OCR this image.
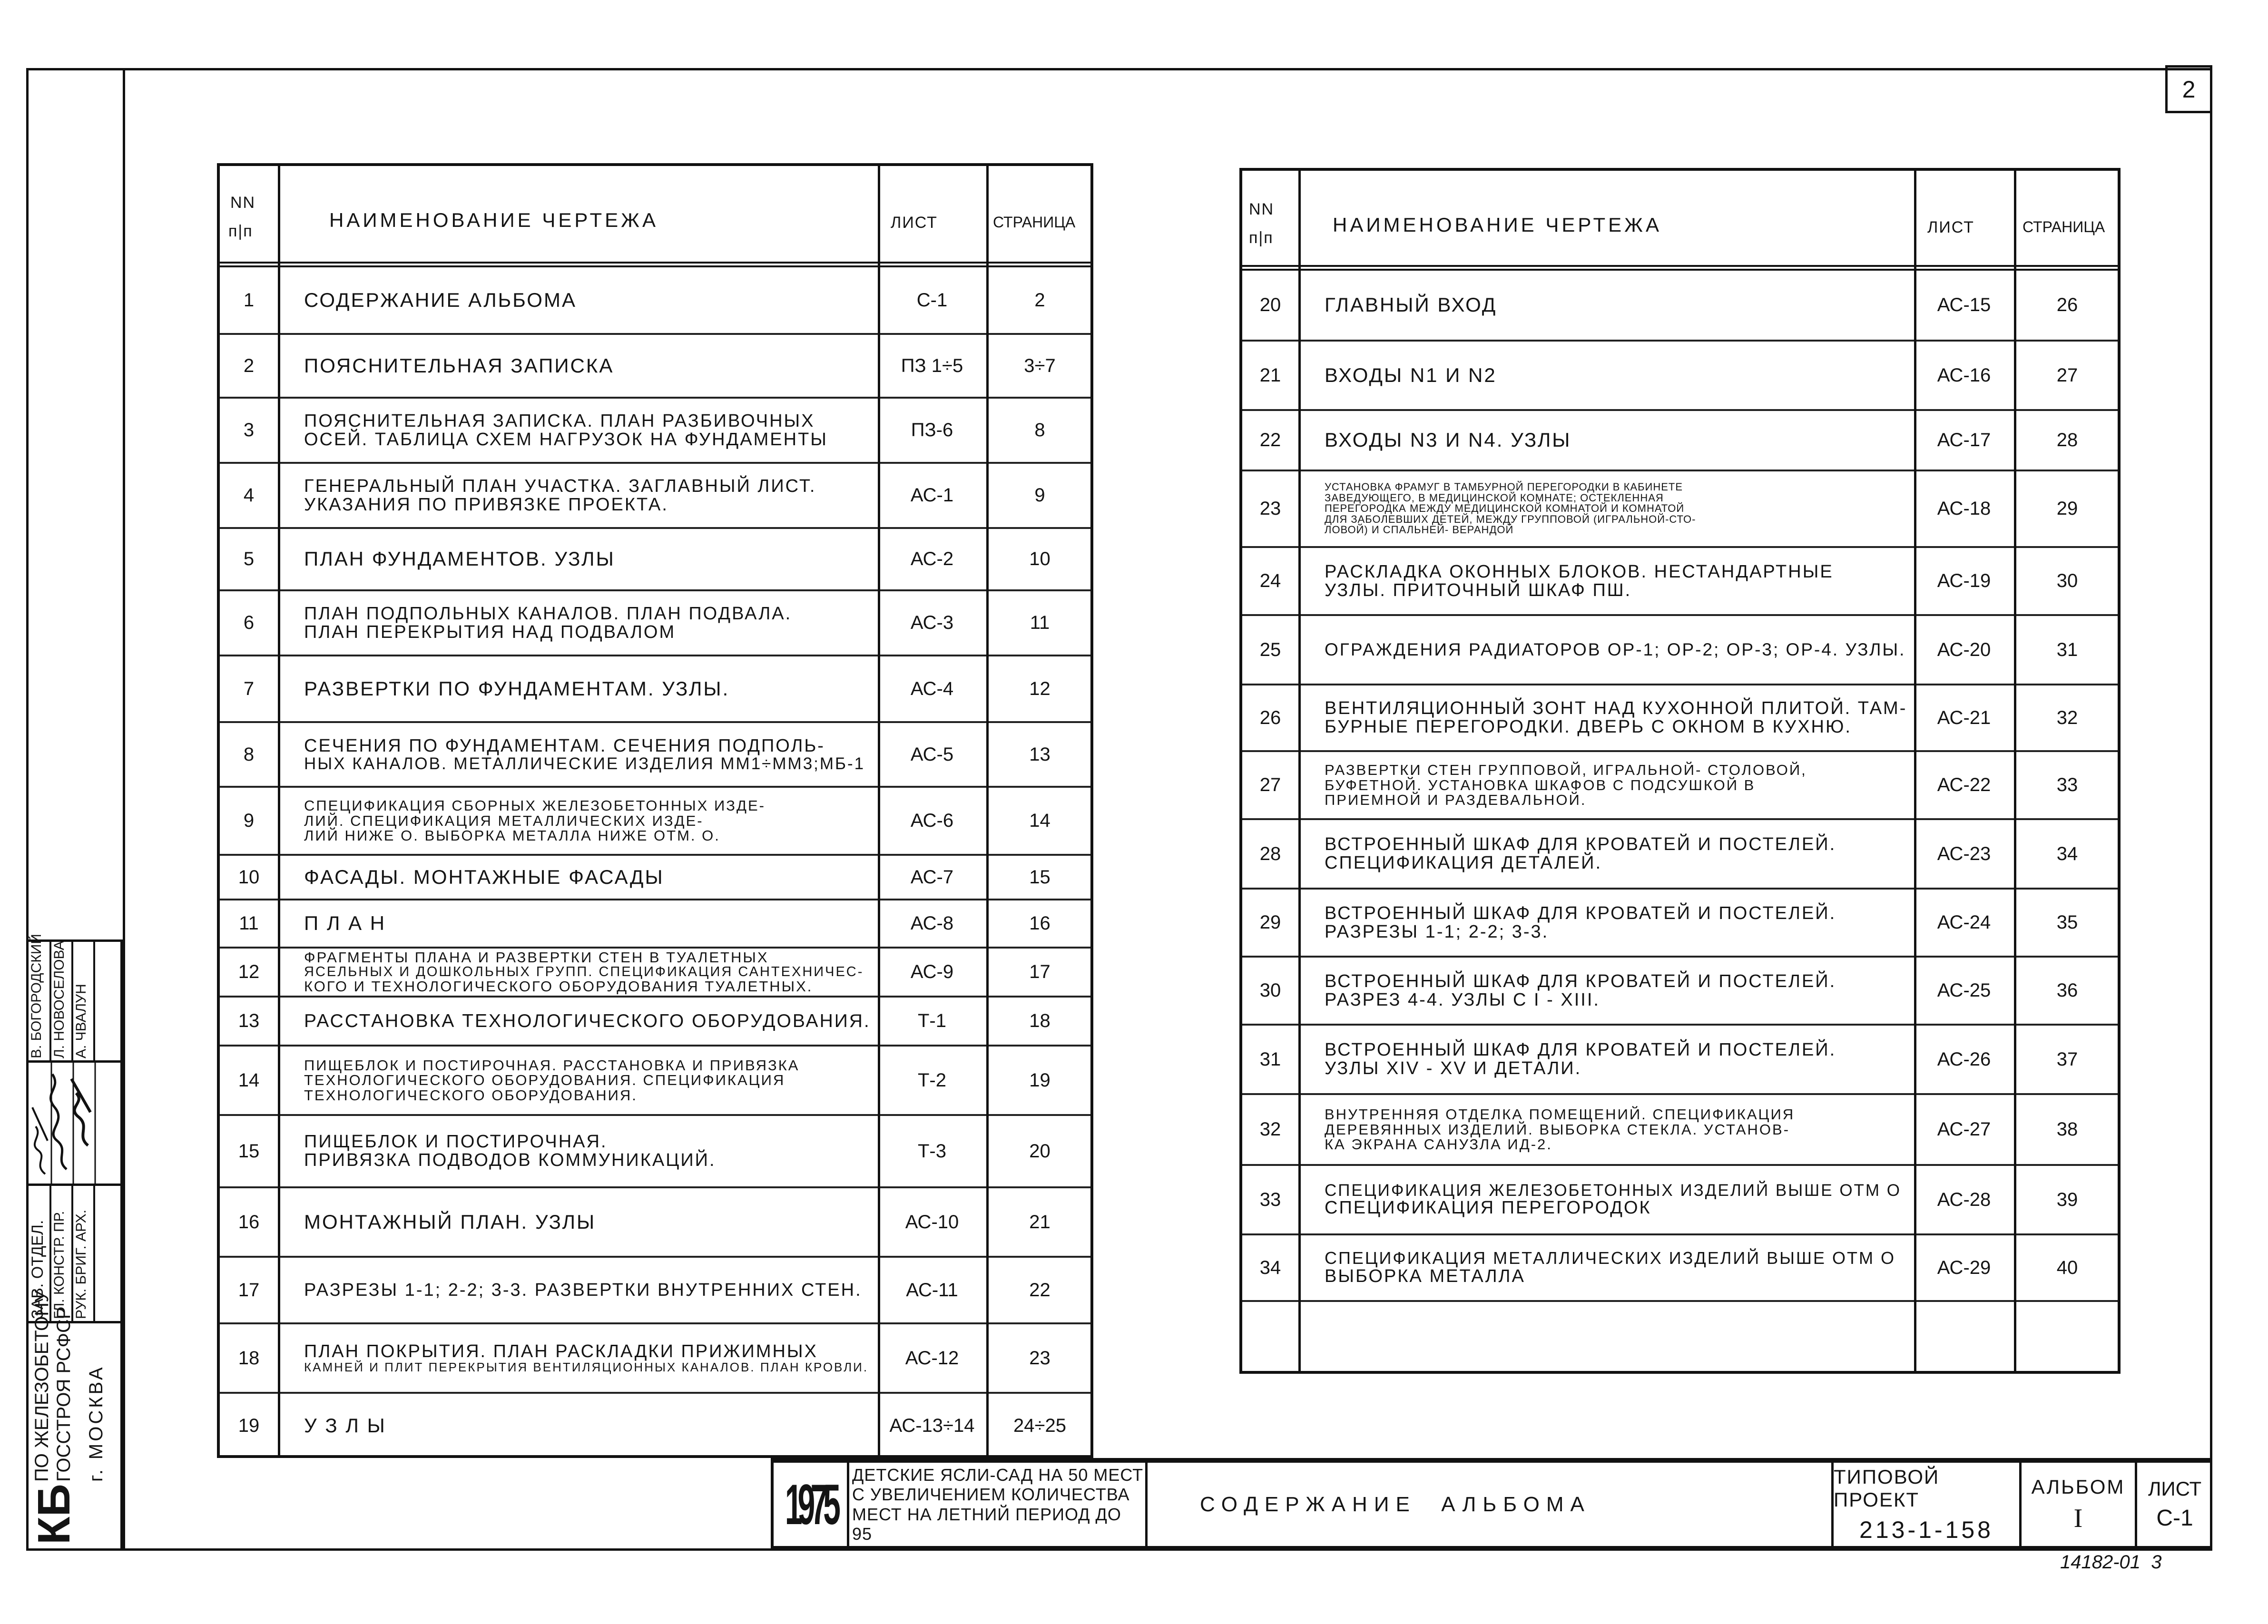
2
NN
п|п	НАИМЕНОВАНИЕ ЧЕРТЕЖА	ЛИСТ	СТРАНИЦА
1	СОДЕРЖАНИЕ АЛЬБОМА	С-1	2
2	ПОЯСНИТЕЛЬНАЯ ЗАПИСКА	ПЗ 1÷5	3÷7
3	ПОЯСНИТЕЛЬНАЯ ЗАПИСКА. ПЛАН РАЗБИВОЧНЫХ
ОСЕЙ. ТАБЛИЦА СХЕМ НАГРУЗОК НА ФУНДАМЕНТЫ	ПЗ-6	8
4	ГЕНЕРАЛЬНЫЙ ПЛАН УЧАСТКА. ЗАГЛАВНЫЙ ЛИСТ.
УКАЗАНИЯ ПО ПРИВЯЗКЕ ПРОЕКТА.	АС-1	9
5	ПЛАН ФУНДАМЕНТОВ. УЗЛЫ	АС-2	10
6	ПЛАН ПОДПОЛЬНЫХ КАНАЛОВ. ПЛАН ПОДВАЛА.
ПЛАН ПЕРЕКРЫТИЯ НАД ПОДВАЛОМ	АС-3	11
7	РАЗВЕРТКИ ПО ФУНДАМЕНТАМ. УЗЛЫ.	АС-4	12
8	СЕЧЕНИЯ ПО ФУНДАМЕНТАМ. СЕЧЕНИЯ ПОДПОЛЬ-
НЫХ КАНАЛОВ. МЕТАЛЛИЧЕСКИЕ ИЗДЕЛИЯ ММ1÷ММ3;МБ-1	АС-5	13
9
СПЕЦИФИКАЦИЯ СБОРНЫХ ЖЕЛЕЗОБЕТОННЫХ ИЗДЕ-
ЛИЙ. СПЕЦИФИКАЦИЯ МЕТАЛЛИЧЕСКИХ ИЗДЕ-
ЛИЙ НИЖЕ О. ВЫБОРКА МЕТАЛЛА НИЖЕ ОТМ. О.
АС-6	14
10	ФАСАДЫ. МОНТАЖНЫЕ ФАСАДЫ	АС-7	15
11	П Л А Н	АС-8	16
12
ФРАГМЕНТЫ ПЛАНА И РАЗВЕРТКИ СТЕН В ТУАЛЕТНЫХ
ЯСЕЛЬНЫХ И ДОШКОЛЬНЫХ ГРУПП. СПЕЦИФИКАЦИЯ САНТЕХНИЧЕС-
КОГО И ТЕХНОЛОГИЧЕСКОГО ОБОРУДОВАНИЯ ТУАЛЕТНЫХ.
АС-9	17
13	РАССТАНОВКА ТЕХНОЛОГИЧЕСКОГО ОБОРУДОВАНИЯ.	Т-1	18
14
ПИЩЕБЛОК И ПОСТИРОЧНАЯ. РАССТАНОВКА И ПРИВЯЗКА
ТЕХНОЛОГИЧЕСКОГО ОБОРУДОВАНИЯ. СПЕЦИФИКАЦИЯ
ТЕХНОЛОГИЧЕСКОГО ОБОРУДОВАНИЯ.
Т-2	19
15	ПИЩЕБЛОК И ПОСТИРОЧНАЯ.
ПРИВЯЗКА ПОДВОДОВ КОММУНИКАЦИЙ.	Т-3	20
16	МОНТАЖНЫЙ ПЛАН. УЗЛЫ	АС-10	21
17	РАЗРЕЗЫ 1-1; 2-2; 3-3. РАЗВЕРТКИ ВНУТРЕННИХ СТЕН.	АС-11	22
18	ПЛАН ПОКРЫТИЯ. ПЛАН РАСКЛАДКИ ПРИЖИМНЫХ
КАМНЕЙ И ПЛИТ ПЕРЕКРЫТИЯ ВЕНТИЛЯЦИОННЫХ КАНАЛОВ. ПЛАН КРОВЛИ.	АС-12	23
19	У З Л Ы	АС-13÷14	24÷25
NN
п|п
НАИМЕНОВАНИЕ ЧЕРТЕЖА	ЛИСТ	СТРАНИЦА
20	ГЛАВНЫЙ ВХОД	АС-15	26
21	ВХОДЫ N1 И N2	АС-16	27
22	ВХОДЫ N3 И N4. УЗЛЫ	АС-17	28
23
УСТАНОВКА ФРАМУГ В ТАМБУРНОЙ ПЕРЕГОРОДКИ В КАБИНЕТЕ
ЗАВЕДУЮЩЕГО, В МЕДИЦИНСКОЙ КОМНАТЕ; ОСТЕКЛЕННАЯ
ПЕРЕГОРОДКА МЕЖДУ МЕДИЦИНСКОЙ КОМНАТОЙ И КОМНАТОЙ
ДЛЯ ЗАБОЛЕВШИХ ДЕТЕЙ, МЕЖДУ ГРУППОВОЙ (ИГРАЛЬНОЙ-СТО-
ЛОВОЙ) И СПАЛЬНЕЙ- ВЕРАНДОЙ
АС-18	29
24	РАСКЛАДКА ОКОННЫХ БЛОКОВ. НЕСТАНДАРТНЫЕ
УЗЛЫ. ПРИТОЧНЫЙ ШКАФ ПШ.	АС-19	30
25	ОГРАЖДЕНИЯ РАДИАТОРОВ ОР-1; ОР-2; ОР-3; ОР-4. УЗЛЫ.	АС-20	31
26	ВЕНТИЛЯЦИОННЫЙ ЗОНТ НАД КУХОННОЙ ПЛИТОЙ. ТАМ-
БУРНЫЕ ПЕРЕГОРОДКИ. ДВЕРЬ С ОКНОМ В КУХНЮ.	АС-21	32
27
РАЗВЕРТКИ СТЕН ГРУППОВОЙ, ИГРАЛЬНОЙ- СТОЛОВОЙ,
БУФЕТНОЙ. УСТАНОВКА ШКАФОВ С ПОДСУШКОЙ В
ПРИЕМНОЙ И РАЗДЕВАЛЬНОЙ.
АС-22	33
28	ВСТРОЕННЫЙ ШКАФ ДЛЯ КРОВАТЕЙ И ПОСТЕЛЕЙ.
СПЕЦИФИКАЦИЯ ДЕТАЛЕЙ.	АС-23	34
29	ВСТРОЕННЫЙ ШКАФ ДЛЯ КРОВАТЕЙ И ПОСТЕЛЕЙ.
РАЗРЕЗЫ 1-1; 2-2; 3-3.	АС-24	35
30	ВСТРОЕННЫЙ ШКАФ ДЛЯ КРОВАТЕЙ И ПОСТЕЛЕЙ.
РАЗРЕЗ 4-4. УЗЛЫ С I - XIII.	АС-25	36
31	ВСТРОЕННЫЙ ШКАФ ДЛЯ КРОВАТЕЙ И ПОСТЕЛЕЙ.
УЗЛЫ XIV - XV И ДЕТАЛИ.	АС-26	37
32
ВНУТРЕННЯЯ ОТДЕЛКА ПОМЕЩЕНИЙ. СПЕЦИФИКАЦИЯ
ДЕРЕВЯННЫХ ИЗДЕЛИЙ. ВЫБОРКА СТЕКЛА. УСТАНОВ-
КА ЭКРАНА САНУЗЛА ИД-2.
АС-27	38
33	СПЕЦИФИКАЦИЯ ЖЕЛЕЗОБЕТОННЫХ ИЗДЕЛИЙ ВЫШЕ ОТМ О
СПЕЦИФИКАЦИЯ ПЕРЕГОРОДОК	АС-28	39
34	СПЕЦИФИКАЦИЯ МЕТАЛЛИЧЕСКИХ ИЗДЕЛИЙ ВЫШЕ ОТМ О
ВЫБОРКА МЕТАЛЛА	АС-29	40
1975 ДЕТСКИЕ ЯСЛИ-САД НА 50 МЕСТ
С УВЕЛИЧЕНИЕМ КОЛИЧЕСТВА
МЕСТ НА ЛЕТНИЙ ПЕРИОД ДО 95
СОДЕРЖАНИЕ  АЛЬБОМА
ТИПОВОЙ ПРОЕКТ
213-1-158
АЛЬБОМ
I
ЛИСТ
С-1
14182-01  3
КБ
ПО ЖЕЛЕЗОБЕТОНУ ГОССТРОЯ РСФСР г. МОСКВА
ЗАВ. ОТДЕЛ. ГЛ. КОНСТР. ПР. РУК. БРИГ. АРХ.
В. БОГОРОДСКИЙ Л. НОВОСЕЛОВА А. ЧВАЛУН
